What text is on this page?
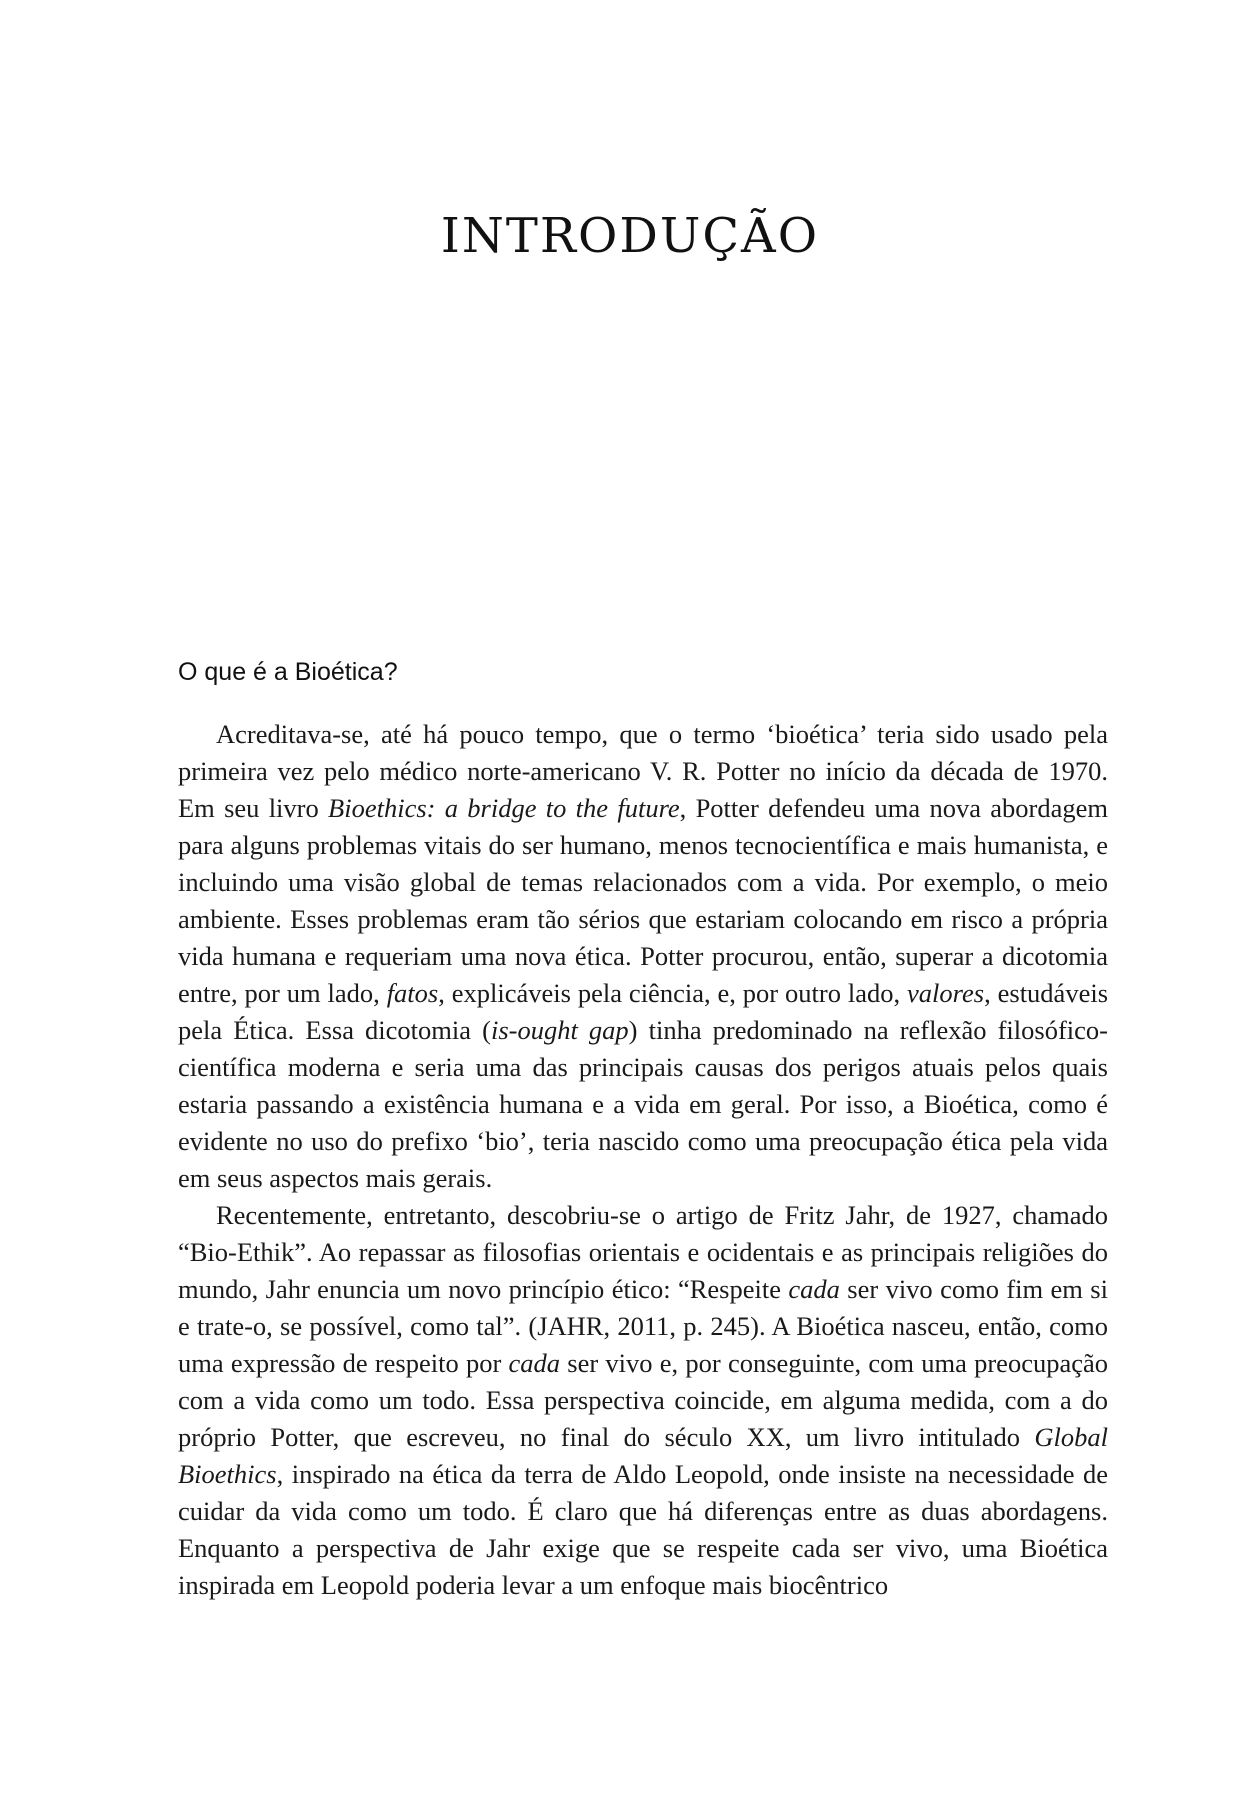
INTRODUÇÃO
O que é a Bioética?

Acreditava-se, até há pouco tempo, que o termo ‘bioética’ teria sido usado pela primeira vez pelo médico norte-americano V. R. Potter no início da década de 1970. Em seu livro Bioethics: a bridge to the future, Potter defendeu uma nova abordagem para alguns problemas vitais do ser humano, menos tecnocientífica e mais humanista, e incluindo uma visão global de temas relacionados com a vida. Por exemplo, o meio ambiente. Esses problemas eram tão sérios que estariam colocando em risco a própria vida humana e requeriam uma nova ética. Potter procurou, então, superar a dicotomia entre, por um lado, fatos, explicáveis pela ciência, e, por outro lado, valores, estudáveis pela Ética. Essa dicotomia (is-ought gap) tinha predominado na reflexão filosófico-científica moderna e seria uma das principais causas dos perigos atuais pelos quais estaria passando a existência humana e a vida em geral. Por isso, a Bioética, como é evidente no uso do prefixo ‘bio’, teria nascido como uma preocupação ética pela vida em seus aspectos mais gerais.

Recentemente, entretanto, descobriu-se o artigo de Fritz Jahr, de 1927, chamado “Bio-Ethik”. Ao repassar as filosofias orientais e ocidentais e as principais religiões do mundo, Jahr enuncia um novo princípio ético: “Respeite cada ser vivo como fim em si e trate-o, se possível, como tal”. (JAHR, 2011, p. 245). A Bioética nasceu, então, como uma expressão de respeito por cada ser vivo e, por conseguinte, com uma preocupação com a vida como um todo. Essa perspectiva coincide, em alguma medida, com a do próprio Potter, que escreveu, no final do século XX, um livro intitulado Global Bioethics, inspirado na ética da terra de Aldo Leopold, onde insiste na necessidade de cuidar da vida como um todo. É claro que há diferenças entre as duas abordagens. Enquanto a perspectiva de Jahr exige que se respeite cada ser vivo, uma Bioética inspirada em Leopold poderia levar a um enfoque mais biocêntrico
